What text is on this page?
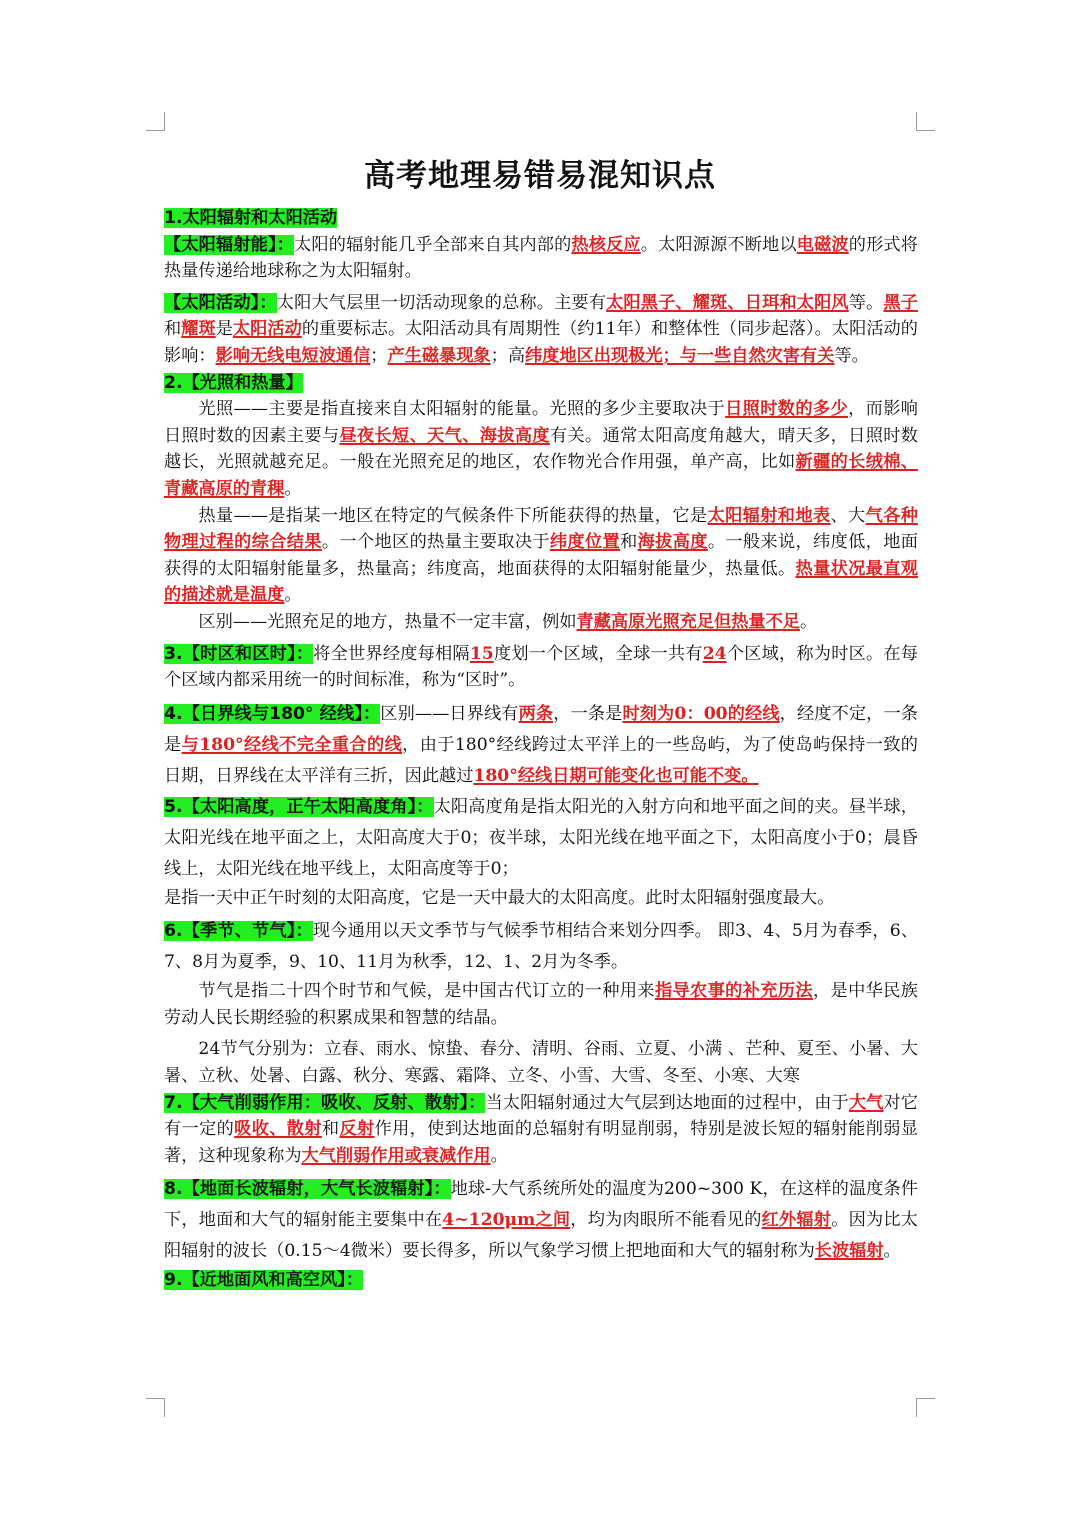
高考地理易错易混知识点

1.太阳辐射和太阳活动

【太阳辐射能】：太阳的辐射能几乎全部来自其内部的热核反应。太阳源源不断地以电磁波的形式将热量传递给地球称之为太阳辐射。

【太阳活动】：太阳大气层里一切活动现象的总称。主要有太阳黑子、耀斑、日珥和太阳风等。黑子和耀斑是太阳活动的重要标志。太阳活动具有周期性（约11年）和整体性（同步起落）。太阳活动的影响：影响无线电短波通信；产生磁暴现象；高纬度地区出现极光；与一些自然灾害有关等。

2.【光照和热量】

光照——主要是指直接来自太阳辐射的能量。光照的多少主要取决于日照时数的多少，而影响日照时数的因素主要与昼夜长短、天气、海拔高度有关。通常太阳高度角越大，晴天多，日照时数越长，光照就越充足。一般在光照充足的地区，农作物光合作用强，单产高，比如新疆的长绒棉、青藏高原的青稞。

热量——是指某一地区在特定的气候条件下所能获得的热量，它是太阳辐射和地表、大气各种物理过程的综合结果。一个地区的热量主要取决于纬度位置和海拔高度。一般来说，纬度低，地面获得的太阳辐射能量多，热量高；纬度高，地面获得的太阳辐射能量少，热量低。热量状况最直观的描述就是温度。

区别——光照充足的地方，热量不一定丰富，例如青藏高原光照充足但热量不足。

3.【时区和区时】：将全世界经度每相隔15度划一个区域，全球一共有24个区域，称为时区。在每个区域内都采用统一的时间标准，称为“区时”。

4.【日界线与180° 经线】：区别——日界线有两条，一条是时刻为0：00的经线，经度不定，一条是与180°经线不完全重合的线，由于180°经线跨过太平洋上的一些岛屿，为了使岛屿保持一致的日期，日界线在太平洋有三折，因此越过180°经线日期可能变化也可能不变。

5.【太阳高度，正午太阳高度角】：太阳高度角是指太阳光的入射方向和地平面之间的夹。昼半球，太阳光线在地平面之上，太阳高度大于0；夜半球，太阳光线在地平面之下，太阳高度小于0；晨昏线上，太阳光线在地平线上，太阳高度等于0；

是指一天中正午时刻的太阳高度，它是一天中最大的太阳高度。此时太阳辐射强度最大。

6.【季节、节气】：现今通用以天文季节与气候季节相结合来划分四季。 即3、4、5月为春季，6、7、8月为夏季，9、10、11月为秋季，12、1、2月为冬季。

节气是指二十四个时节和气候，是中国古代订立的一种用来指导农事的补充历法，是中华民族劳动人民长期经验的积累成果和智慧的结晶。

24节气分别为：立春、雨水、惊蛰、春分、清明、谷雨、立夏、小满 、芒种、夏至、小暑、大暑、立秋、处暑、白露、秋分、寒露、霜降、立冬、小雪、大雪、冬至、小寒、大寒

7.【大气削弱作用：吸收、反射、散射】：当太阳辐射通过大气层到达地面的过程中，由于大气对它有一定的吸收、散射和反射作用，使到达地面的总辐射有明显削弱，特别是波长短的辐射能削弱显著，这种现象称为大气削弱作用或衰减作用。

8.【地面长波辐射，大气长波辐射】：地球-大气系统所处的温度为200~300 K，在这样的温度条件下，地面和大气的辐射能主要集中在4~120μm之间，均为肉眼所不能看见的红外辐射。因为比太阳辐射的波长（0.15～4微米）要长得多，所以气象学习惯上把地面和大气的辐射称为长波辐射。

9.【近地面风和高空风】：
